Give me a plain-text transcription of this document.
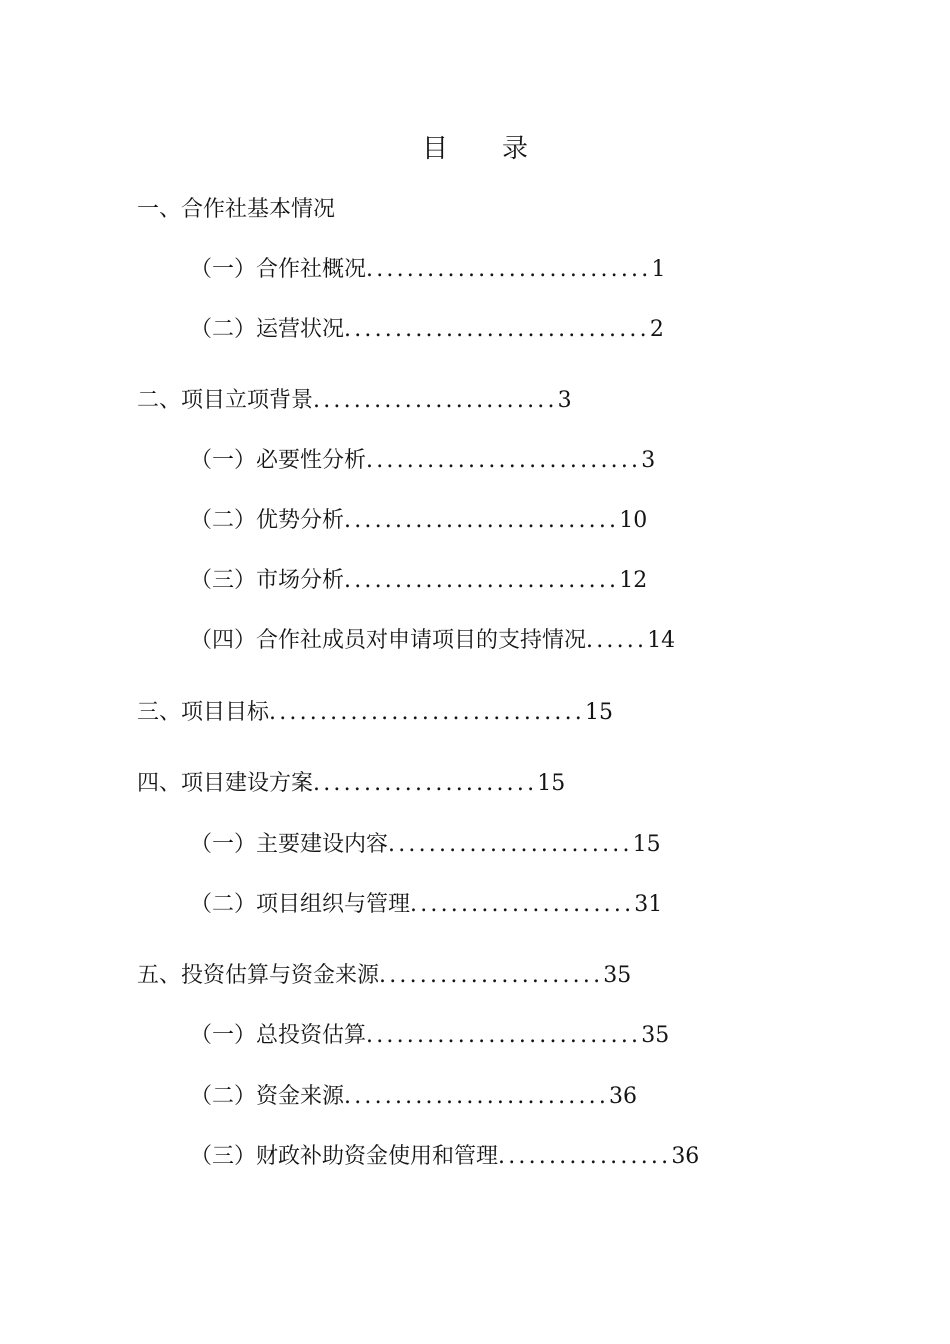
目 录
一、合作社基本情况
（一）合作社概况............................1
（二）运营状况..............................2
二、项目立项背景........................3
（一）必要性分析...........................3
（二）优势分析...........................10
（三）市场分析...........................12
（四）合作社成员对申请项目的支持情况......14
三、项目目标...............................15
四、项目建设方案......................15
（一）主要建设内容........................15
（二）项目组织与管理......................31
五、投资估算与资金来源......................35
（一）总投资估算...........................35
（二）资金来源..........................36
（三）财政补助资金使用和管理.................36
